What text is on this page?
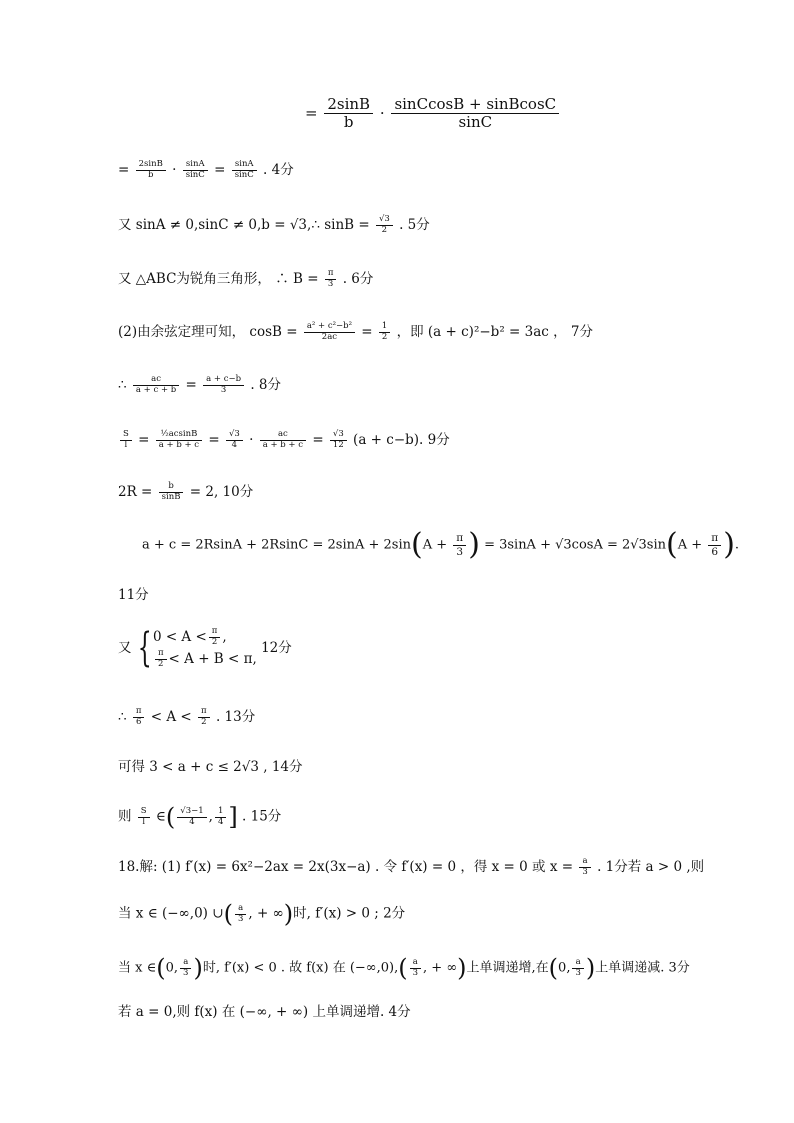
= $\frac{2\sin B}{b} \cdot \frac{\text{sinCcosB + sinBcosC}}{\sin C}$
= $\frac{2\sin B}{b} \cdot \frac{\sin A}{\sin C} = \frac{\sin A}{\sin C}$ . 4分
又 sinA ≠ 0,sinC ≠ 0,b = √3,∴ $\sin B = \frac{√3}{2}$ . 5分
又 △ABC为锐角三角形， ∴ $B = \frac{\pi}{3}$ . 6分
(2)由余弦定理可知， $\cos B = \frac{\text{a² + c²−b²}}{2ac} = \frac{1}{2}$ ，即 (a + c)²−b² = 3ac ， 7分
∴ $\frac{ac}{a + c + b} = \frac{a + c-b}{3}$ . 8分
$\frac{S}{l} = \frac{\text{½acsinB}}{a + b + c} = \frac{√3}{4} \cdot \frac{ac}{a + b + c} = \frac{√3}{12} (a + c-b)$. 9分
$2R = \frac{b}{\sin B} = 2$, 10分
$a + c = 2RsinA + 2RsinC = 2\sin A + 2\sin(A + \frac{\pi}{3}$ ) = $3\sin A + √3\cos A = 2√3\sin(A + \frac{\pi}{6}$ ).
11分
又 { $0 < A < \frac{\pi}{2}$ ,
$\frac{\pi}{2} < A + B < \pi$,
12分
∴ $\frac{\pi}{6} < A < \frac{\pi}{2}$ . 13分
可得 3 < a + c ≤ 2√3 , 14分
则 $\frac{S}{l}$ ∈( $\frac{√3-1}{4}$ , $\frac{1}{4}$ ] . 15分
18.解: (1) f′(x) = 6x²−2ax = 2x(3x−a) . 令 f′(x) = 0 ，得 x = 0 或 $x = \frac{a}{3}$ . 1分若 a > 0 ,则
当 x ∈ (−∞,0) ∪( $\frac{a}{3}$ , + ∞)时, f′(x) > 0 ; 2分
当 x ∈(0, $\frac{a}{3}$ )时, f′(x) < 0 . 故 f(x) 在 $(-\infty,0),( \frac{a}{3}$ , + ∞)上单调递增,在(0, $\frac{a}{3}$ )上单调递减. 3分
若 a = 0,则 f(x) 在 (−∞, + ∞) 上单调递增. 4分
